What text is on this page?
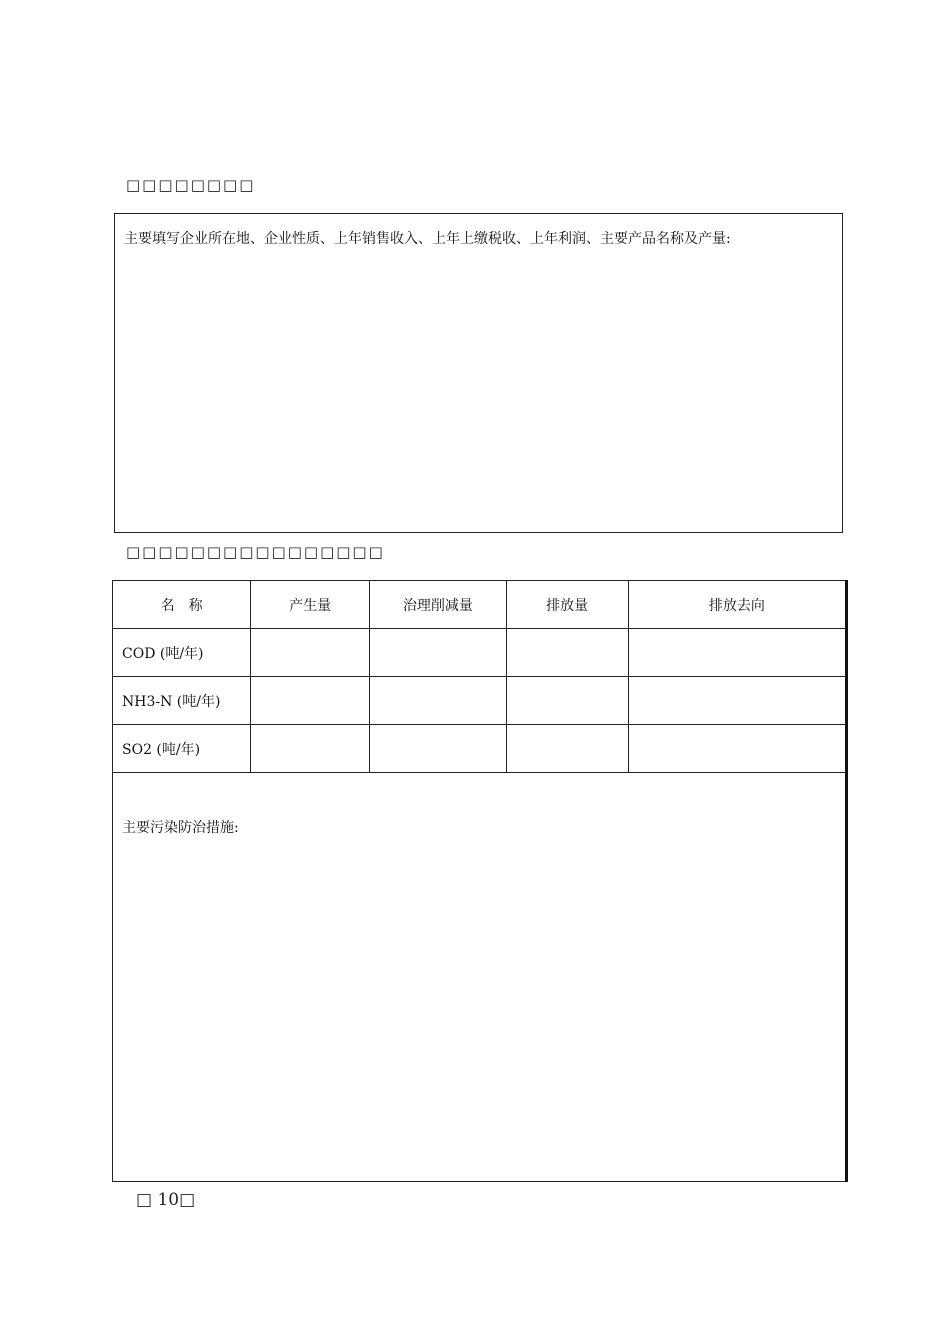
□□□□□□□□
主要填写企业所在地、企业性质、上年销售收入、上年上缴税收、上年利润、主要产品名称及产量:
□□□□□□□□□□□□□□□□
名　称	产生量	治理削减量	排放量	排放去向
COD (吨/年)				
NH3-N (吨/年)				
SO2 (吨/年)				
主要污染防治措施:				
□ 10□
